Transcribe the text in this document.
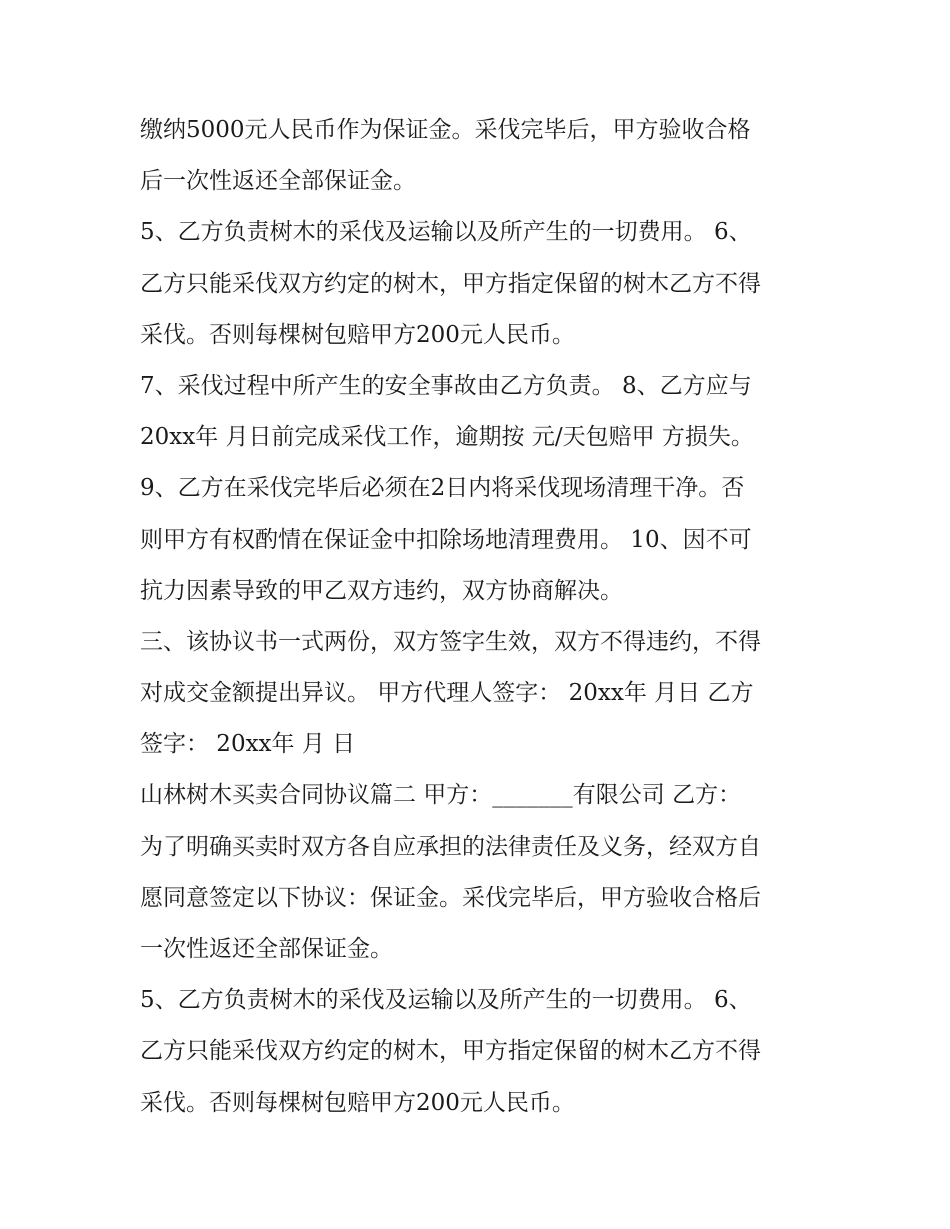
缴纳5000元人民币作为保证金。采伐完毕后，甲方验收合格
后一次性返还全部保证金。
5、乙方负责树木的采伐及运输以及所产生的一切费用。 6、
乙方只能采伐双方约定的树木，甲方指定保留的树木乙方不得
采伐。否则每棵树包赔甲方200元人民币。
7、采伐过程中所产生的安全事故由乙方负责。 8、乙方应与
20xx年 月日前完成采伐工作，逾期按 元/天包赔甲 方损失。
9、乙方在采伐完毕后必须在2日内将采伐现场清理干净。否
则甲方有权酌情在保证金中扣除场地清理费用。 10、因不可
抗力因素导致的甲乙双方违约，双方协商解决。
三、该协议书一式两份，双方签字生效，双方不得违约，不得
对成交金额提出异议。 甲方代理人签字： 20xx年 月日 乙方
签字： 20xx年 月 日
山林树木买卖合同协议篇二 甲方：_______有限公司 乙方：
为了明确买卖时双方各自应承担的法律责任及义务，经双方自
愿同意签定以下协议：保证金。采伐完毕后，甲方验收合格后
一次性返还全部保证金。
5、乙方负责树木的采伐及运输以及所产生的一切费用。 6、
乙方只能采伐双方约定的树木，甲方指定保留的树木乙方不得
采伐。否则每棵树包赔甲方200元人民币。
